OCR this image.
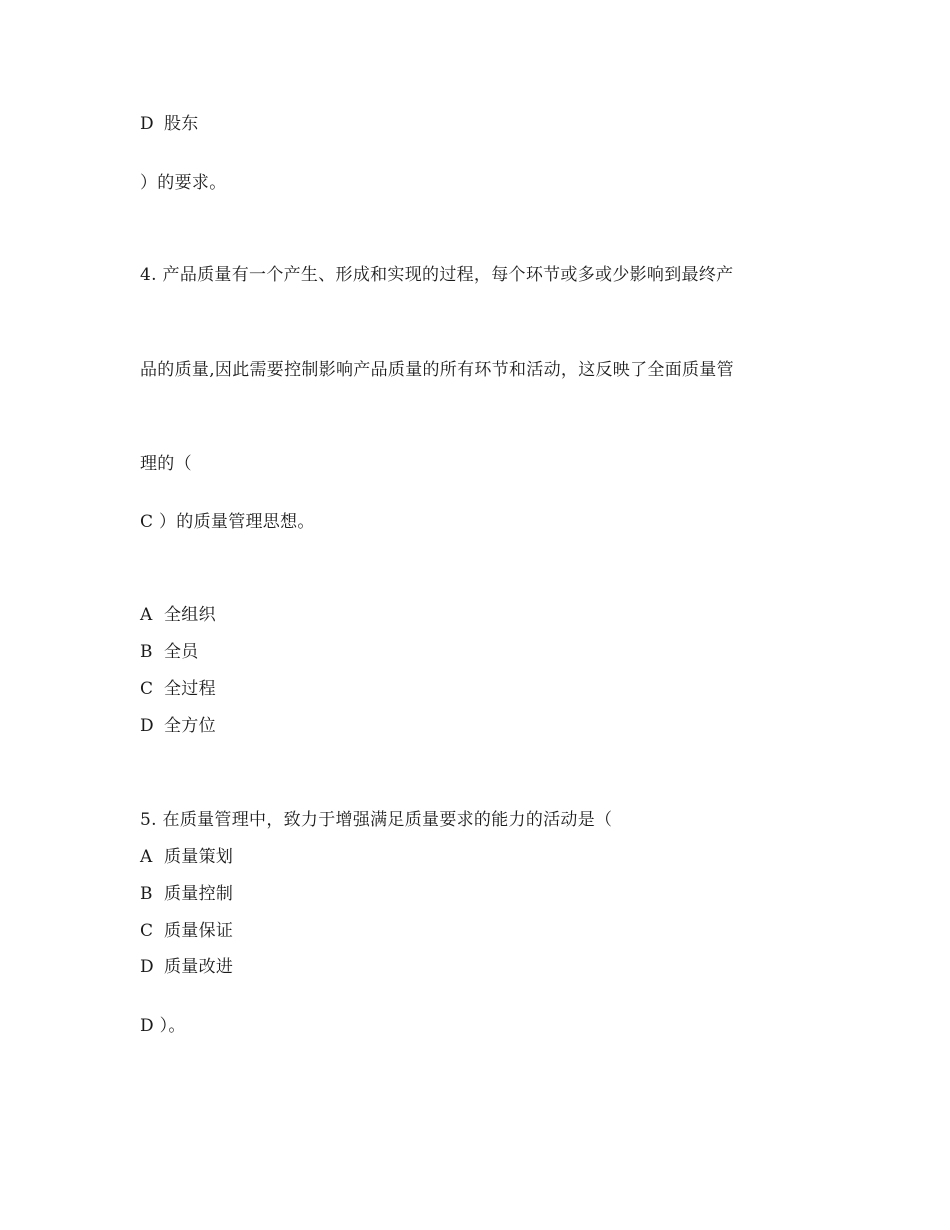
D 股东
）的要求。
4. 产品质量有一个产生、形成和实现的过程，每个环节或多或少影响到最终产
品的质量,因此需要控制影响产品质量的所有环节和活动，这反映了全面质量管
理的（
C ）的质量管理思想。
A 全组织
B 全员
C 全过程
D 全方位
5. 在质量管理中，致力于增强满足质量要求的能力的活动是（
A 质量策划
B 质量控制
C 质量保证
D 质量改进
D ）。
